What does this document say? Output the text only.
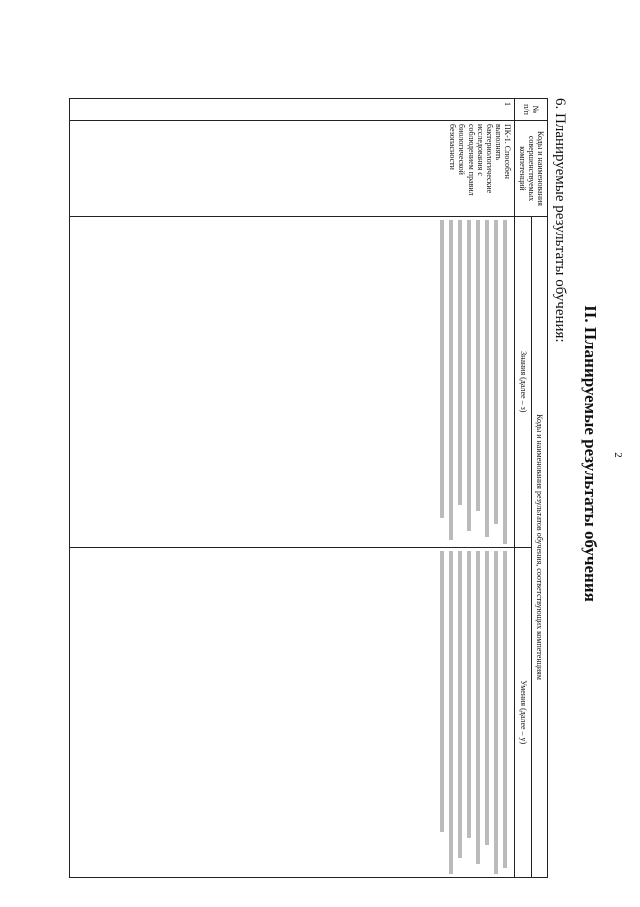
2
II. Планируемые результаты обучения
6. Планируемые результаты обучения:
№ п/п	Коды и наименования совершенствуемых компетенций	Коды и наименования результатов обучения, соответствующих компетенциям	
		Знания (далее – з)	Умения (далее – у)
1	ПК-1. Способен выполнять бактериологические исследования с соблюдением правил биологической безопасности	
